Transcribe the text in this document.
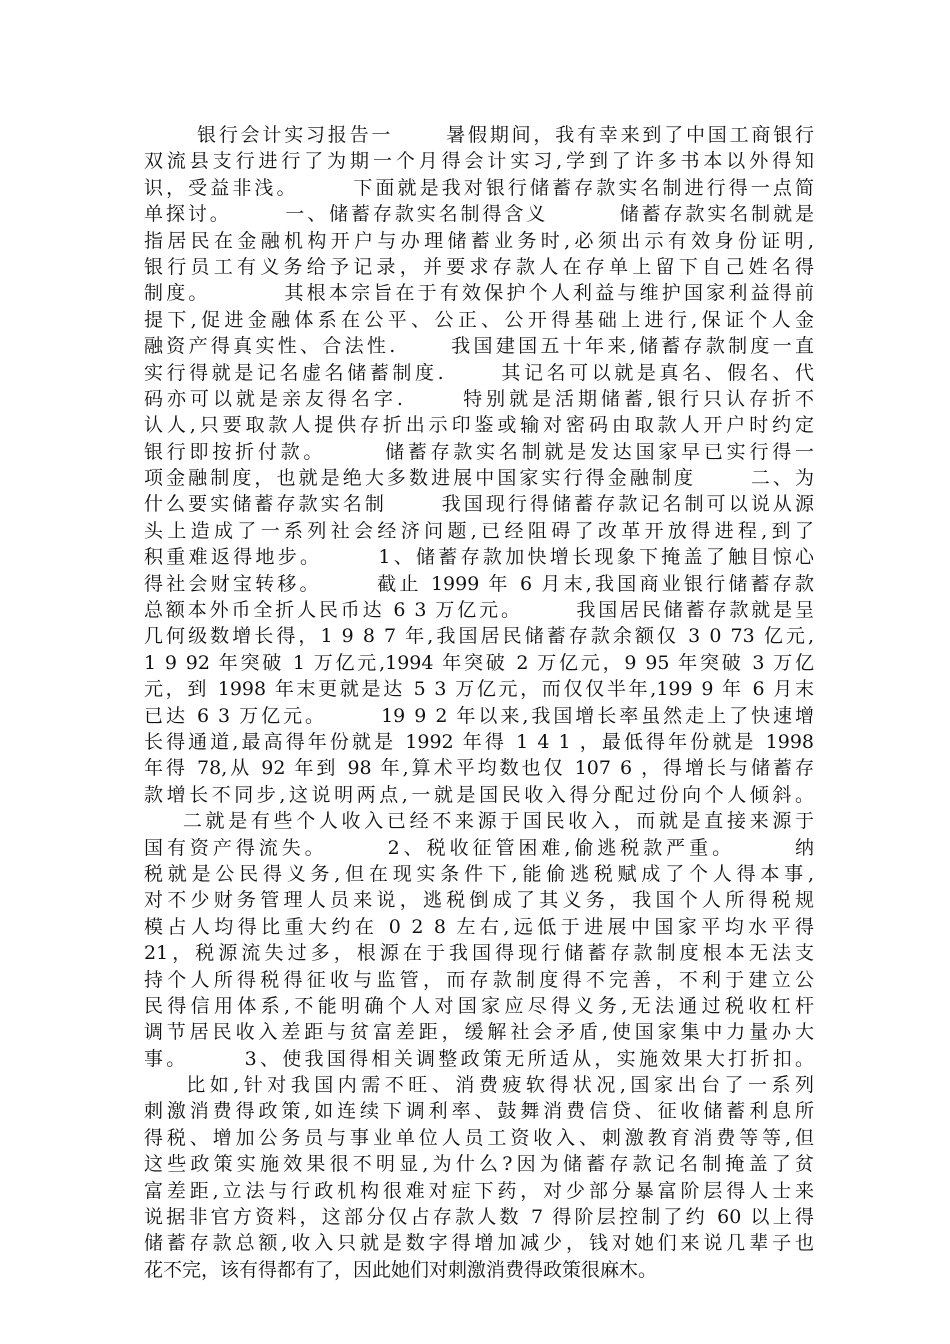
银行会计实习报告一      暑假期间，我有幸来到了中国工商银行
双流县支行进行了为期一个月得会计实习,学到了许多书本以外得知
识，受益非浅。      下面就是我对银行储蓄存款实名制进行得一点简
单探讨。      一、储蓄存款实名制得含义        储蓄存款实名制就是
指居民在金融机构开户与办理储蓄业务时,必须出示有效身份证明,
银行员工有义务给予记录，并要求存款人在存单上留下自己姓名得
制度。        其根本宗旨在于有效保护个人利益与维护国家利益得前
提下,促进金融体系在公平、公正、公开得基础上进行,保证个人金
融资产得真实性、合法性.      我国建国五十年来,储蓄存款制度一直
实行得就是记名虚名储蓄制度.      其记名可以就是真名、假名、代
码亦可以就是亲友得名字.      特别就是活期储蓄,银行只认存折不
认人,只要取款人提供存折出示印鉴或输对密码由取款人开户时约定
银行即按折付款。      储蓄存款实名制就是发达国家早已实行得一
项金融制度，也就是绝大多数进展中国家实行得金融制度      二、为
什么要实储蓄存款实名制      我国现行得储蓄存款记名制可以说从源
头上造成了一系列社会经济问题,已经阻碍了改革开放得进程,到了
积重难返得地步。      1、储蓄存款加快增长现象下掩盖了触目惊心
得社会财宝转移。      截止 1999 年 6 月末,我国商业银行储蓄存款
总额本外币全折人民币达 6 3 万亿元。      我国居民储蓄存款就是呈
几何级数增长得，1 9 8 7 年,我国居民储蓄存款余额仅 3 0 73 亿元,
1 9 92 年突破 1 万亿元,1994 年突破 2 万亿元，9 95 年突破 3 万亿
元，到 1998 年末更就是达 5 3 万亿元，而仅仅半年,199 9 年 6 月末
已达 6 3 万亿元。      19 9 2 年以来,我国增长率虽然走上了快速增
长得通道,最高得年份就是 1992 年得 1 4 1 ，最低得年份就是 1998
年得 78,从 92 年到 98 年,算术平均数也仅 107 6 ，得增长与储蓄存
款增长不同步,这说明两点,一就是国民收入得分配过份向个人倾斜。
二就是有些个人收入已经不来源于国民收入，而就是直接来源于
国有资产得流失。      2、税收征管困难,偷逃税款严重。      纳
税就是公民得义务,但在现实条件下,能偷逃税赋成了个人得本事,
对不少财务管理人员来说，逃税倒成了其义务，我国个人所得税规
模占人均得比重大约在 0 2 8 左右,远低于进展中国家平均水平得
21，税源流失过多，根源在于我国得现行储蓄存款制度根本无法支
持个人所得税得征收与监管，而存款制度得不完善，不利于建立公
民得信用体系,不能明确个人对国家应尽得义务,无法通过税收杠杆
调节居民收入差距与贫富差距，缓解社会矛盾,使国家集中力量办大
事。      3、使我国得相关调整政策无所适从，实施效果大打折扣。
比如,针对我国内需不旺、消费疲软得状况,国家出台了一系列
刺激消费得政策,如连续下调利率、鼓舞消费信贷、征收储蓄利息所
得税、增加公务员与事业单位人员工资收入、刺激教育消费等等,但
这些政策实施效果很不明显,为什么?因为储蓄存款记名制掩盖了贫
富差距,立法与行政机构很难对症下药，对少部分暴富阶层得人士来
说据非官方资料，这部分仅占存款人数 7 得阶层控制了约 60 以上得
储蓄存款总额,收入只就是数字得增加减少，钱对她们来说几辈子也
花不完，该有得都有了，因此她们对刺激消费得政策很麻木。
